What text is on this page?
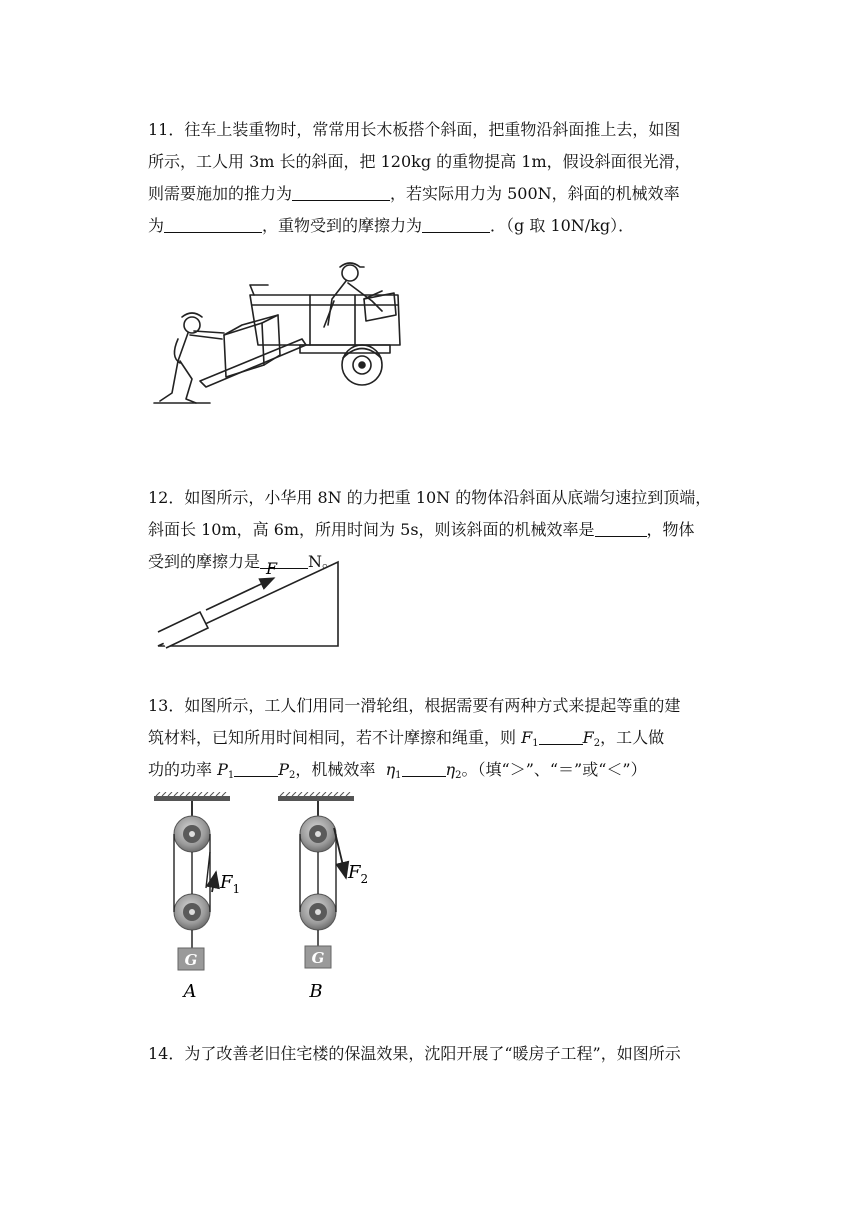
11．往车上装重物时，常常用长木板搭个斜面，把重物沿斜面推上去，如图

所示，工人用 3m 长的斜面，把 120kg 的重物提高 1m，假设斜面很光滑，

则需要施加的推力为	，若实际用力为 500N，斜面的机械效率

为	，重物受到的摩擦力为	．（g 取 10N/kg）．

12．如图所示，小华用 8N 的力把重 10N 的物体沿斜面从底端匀速拉到顶端，

斜面长 10m，高 6m，所用时间为 5s，则该斜面的机械效率是	，物体

受到的摩擦力是	N。

F

13．如图所示，工人们用同一滑轮组，根据需要有两种方式来提起等重的建

筑材料，已知所用时间相同，若不计摩擦和绳重，则 $F_1$	$F_2$，工人做

功的功率 $P_1$	$P_2$，机械效率 $\eta_1$	$\eta_2$。（填“＞”、“＝”或“＜”）

$F_1$
G
A
$F_2$
G
B

14．为了改善老旧住宅楼的保温效果，沈阳开展了“暖房子工程”，如图所示
